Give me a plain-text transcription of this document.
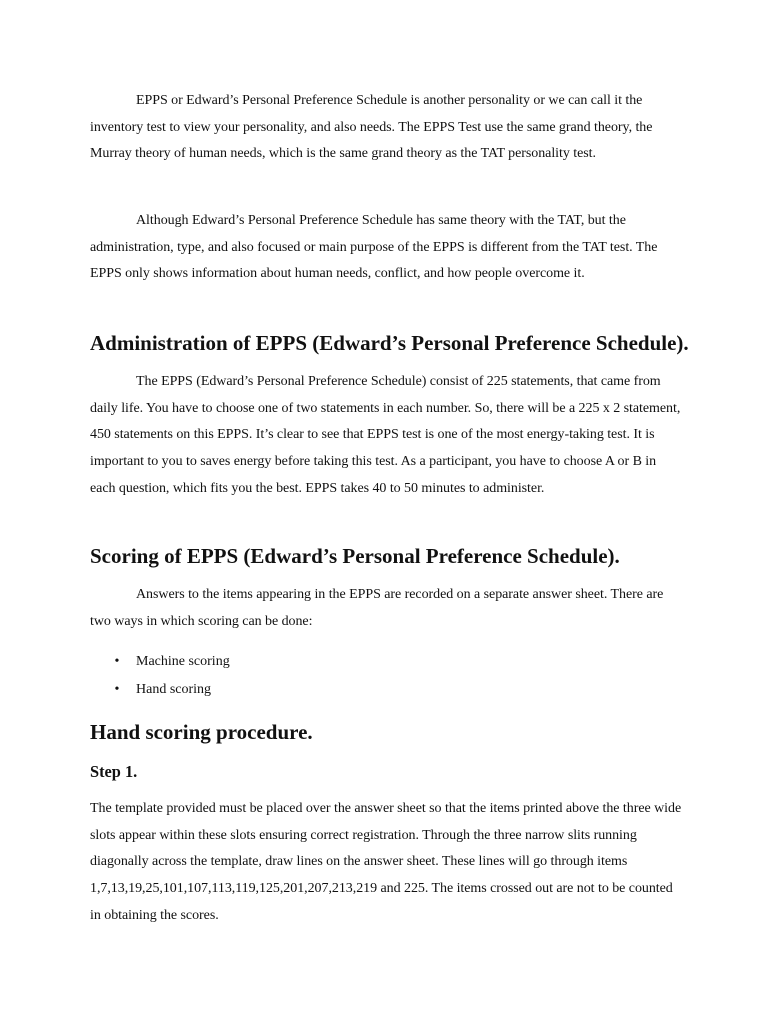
EPPS or Edward’s Personal Preference Schedule is another personality or we can call it the inventory test to view your personality, and also needs. The EPPS Test use the same grand theory, the Murray theory of human needs, which is the same grand theory as the TAT personality test.

Although Edward’s Personal Preference Schedule has same theory with the TAT, but the administration, type, and also focused or main purpose of the EPPS is different from the TAT test. The EPPS only shows information about human needs, conflict, and how people overcome it.

Administration of EPPS (Edward’s Personal Preference Schedule).

The EPPS (Edward’s Personal Preference Schedule) consist of 225 statements, that came from daily life. You have to choose one of two statements in each number. So, there will be a 225 x 2 statement, 450 statements on this EPPS. It’s clear to see that EPPS test is one of the most energy-taking test. It is important to you to saves energy before taking this test. As a participant, you have to choose A or B in each question, which fits you the best. EPPS takes 40 to 50 minutes to administer.

Scoring of EPPS (Edward’s Personal Preference Schedule).

Answers to the items appearing in the EPPS are recorded on a separate answer sheet. There are two ways in which scoring can be done:

• Machine scoring
• Hand scoring
Hand scoring procedure.
Step 1.

The template provided must be placed over the answer sheet so that the items printed above the three wide slots appear within these slots ensuring correct registration. Through the three narrow slits running diagonally across the template, draw lines on the answer sheet. These lines will go through items 1,7,13,19,25,101,107,113,119,125,201,207,213,219 and 225. The items crossed out are not to be counted in obtaining the scores.
